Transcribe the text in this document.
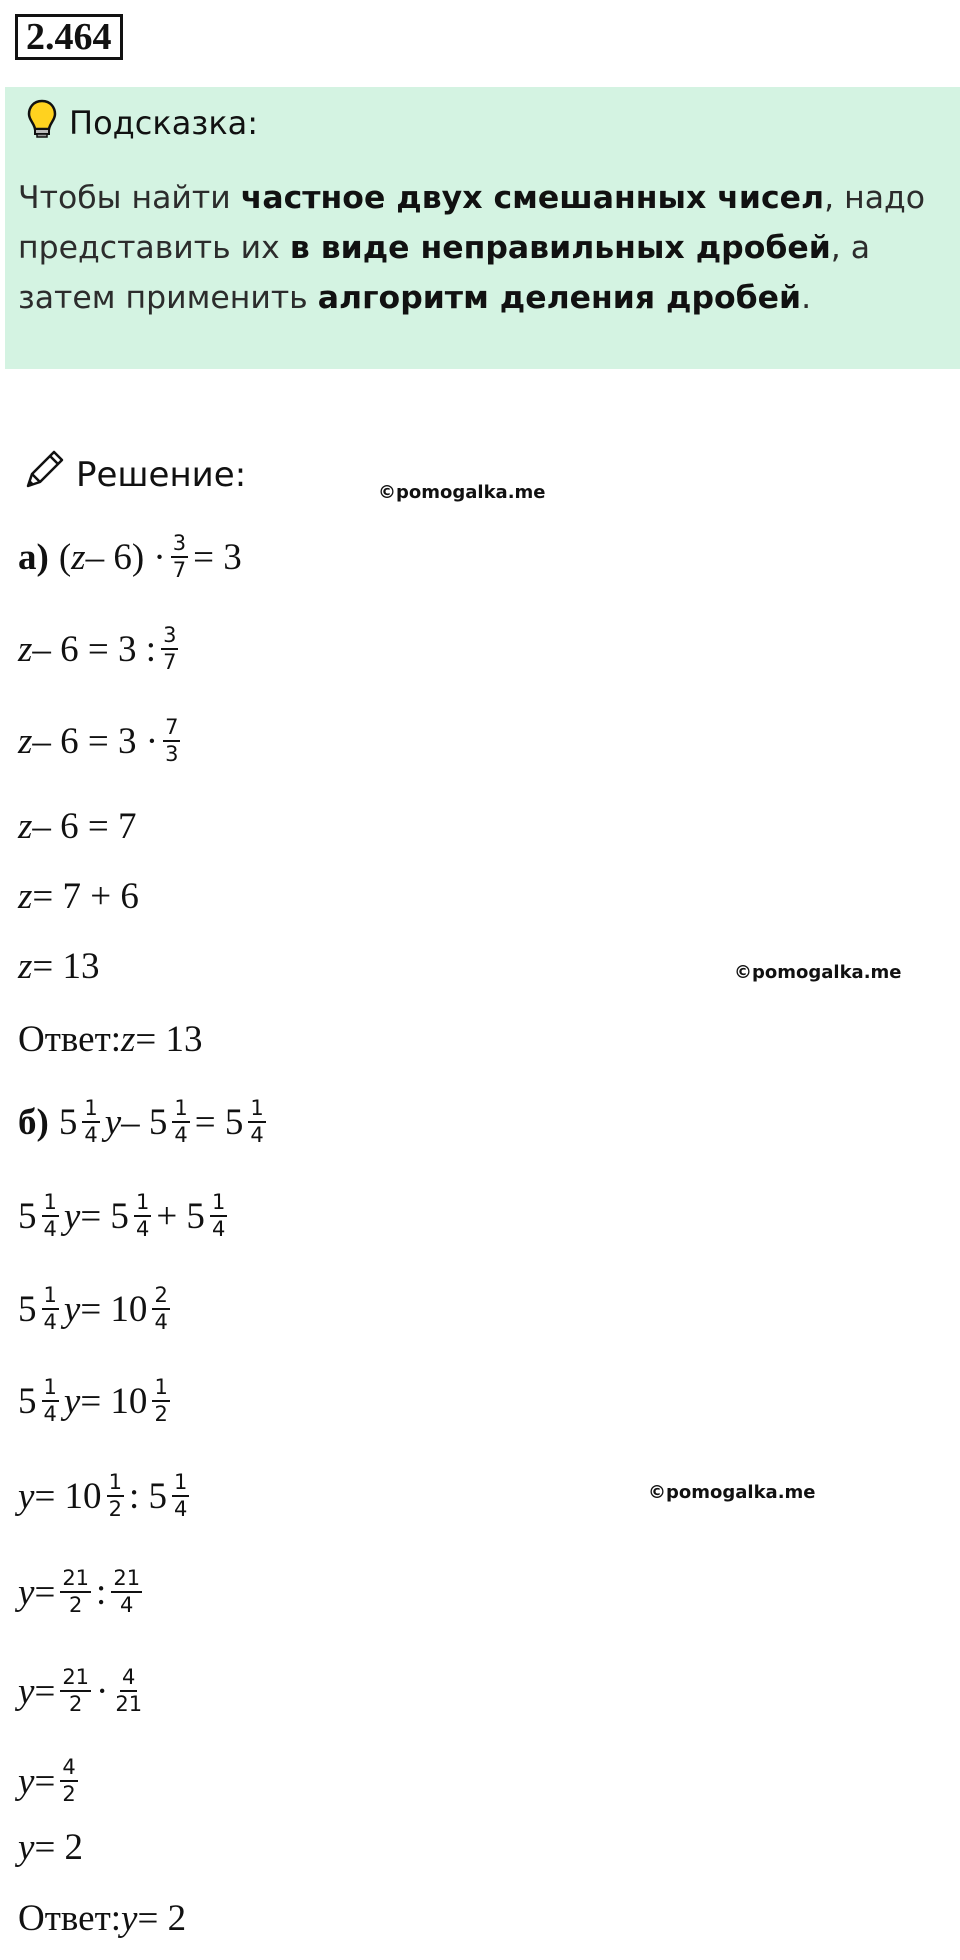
2.464
Подсказка:
Чтобы найти частное двух смешанных чисел, надо представить их в виде неправильных дробей, а затем применить алгоритм деления дробей.
Решение:	©pomogalka.me
©pomogalka.me
©pomogalka.me
а) ( $z - 6) \cdot \frac{3}{7} = 3$
z – 6 = 3 : $\frac{3}{7}$
$z - 6 = 3 \cdot \frac{7}{3}$
z – 6 = 7
z = 7 + 6
z = 13
Ответ: z = 13
б) $5 \frac{1}{4}$ $y - 5 \frac{1}{4} = 5 \frac{1}{4}$
$5 \frac{1}{4}$ $y = 5 \frac{1}{4} + 5 \frac{1}{4}$
$5 \frac{1}{4}$ $y = 10 \frac{2}{4}$
$5 \frac{1}{4}$ $y = 10 \frac{1}{2}$
$y = 10 \frac{1}{2}$ : $5 \frac{1}{4}$
$y = \frac{21}{2}$ : $\frac{21}{4}$
$y = \frac{21}{2} \cdot \frac{4}{21}$
$y = \frac{4}{2}$
y = 2
Ответ: y = 2
